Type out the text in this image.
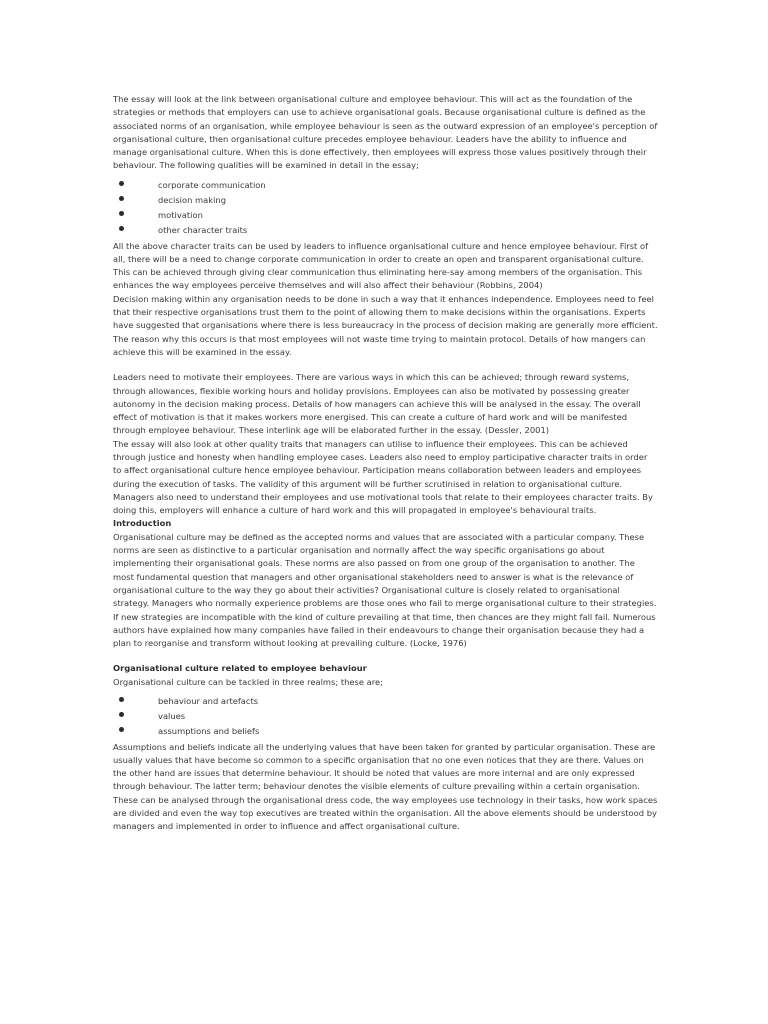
The essay will look at the link between organisational culture and employee behaviour. This will act as the foundation of the strategies or methods that employers can use to achieve organisational goals. Because organisational culture is defined as the associated norms of an organisation, while employee behaviour is seen as the outward expression of an employee's perception of organisational culture, then organisational culture precedes employee behaviour. Leaders have the ability to influence and manage organisational culture. When this is done effectively, then employees will express those values positively through their behaviour. The following qualities will be examined in detail in the essay;

corporate communication
decision making
motivation
other character traits

All the above character traits can be used by leaders to influence organisational culture and hence employee behaviour. First of all, there will be a need to change corporate communication in order to create an open and transparent organisational culture. This can be achieved through giving clear communication thus eliminating here-say among members of the organisation. This enhances the way employees perceive themselves and will also affect their behaviour (Robbins, 2004)

Decision making within any organisation needs to be done in such a way that it enhances independence. Employees need to feel that their respective organisations trust them to the point of allowing them to make decisions within the organisations. Experts have suggested that organisations where there is less bureaucracy in the process of decision making are generally more efficient. The reason why this occurs is that most employees will not waste time trying to maintain protocol. Details of how mangers can achieve this will be examined in the essay.

Leaders need to motivate their employees. There are various ways in which this can be achieved; through reward systems, through allowances, flexible working hours and holiday provisions. Employees can also be motivated by possessing greater autonomy in the decision making process. Details of how managers can achieve this will be analysed in the essay. The overall effect of motivation is that it makes workers more energised. This can create a culture of hard work and will be manifested through employee behaviour. These interlink age will be elaborated further in the essay. (Dessler, 2001)

The essay will also look at other quality traits that managers can utilise to influence their employees. This can be achieved through justice and honesty when handling employee cases. Leaders also need to employ participative character traits in order to affect organisational culture hence employee behaviour. Participation means collaboration between leaders and employees during the execution of tasks. The validity of this argument will be further scrutinised in relation to organisational culture. Managers also need to understand their employees and use motivational tools that relate to their employees character traits. By doing this, employers will enhance a culture of hard work and this will propagated in employee's behavioural traits.

Introduction

Organisational culture may be defined as the accepted norms and values that are associated with a particular company. These norms are seen as distinctive to a particular organisation and normally affect the way specific organisations go about implementing their organisational goals. These norms are also passed on from one group of the organisation to another. The most fundamental question that managers and other organisational stakeholders need to answer is what is the relevance of organisational culture to the way they go about their activities? Organisational culture is closely related to organisational strategy. Managers who normally experience problems are those ones who fail to merge organisational culture to their strategies. If new strategies are incompatible with the kind of culture prevailing at that time, then chances are they might fall fail. Numerous authors have explained how many companies have failed in their endeavours to change their organisation because they had a plan to reorganise and transform without looking at prevailing culture. (Locke, 1976)

Organisational culture related to employee behaviour

Organisational culture can be tackled in three realms; these are;

behaviour and artefacts
values
assumptions and beliefs

Assumptions and beliefs indicate all the underlying values that have been taken for granted by particular organisation. These are usually values that have become so common to a specific organisation that no one even notices that they are there. Values on the other hand are issues that determine behaviour. It should be noted that values are more internal and are only expressed through behaviour. The latter term; behaviour denotes the visible elements of culture prevailing within a certain organisation. These can be analysed through the organisational dress code, the way employees use technology in their tasks, how work spaces are divided and even the way top executives are treated within the organisation. All the above elements should be understood by managers and implemented in order to influence and affect organisational culture.
